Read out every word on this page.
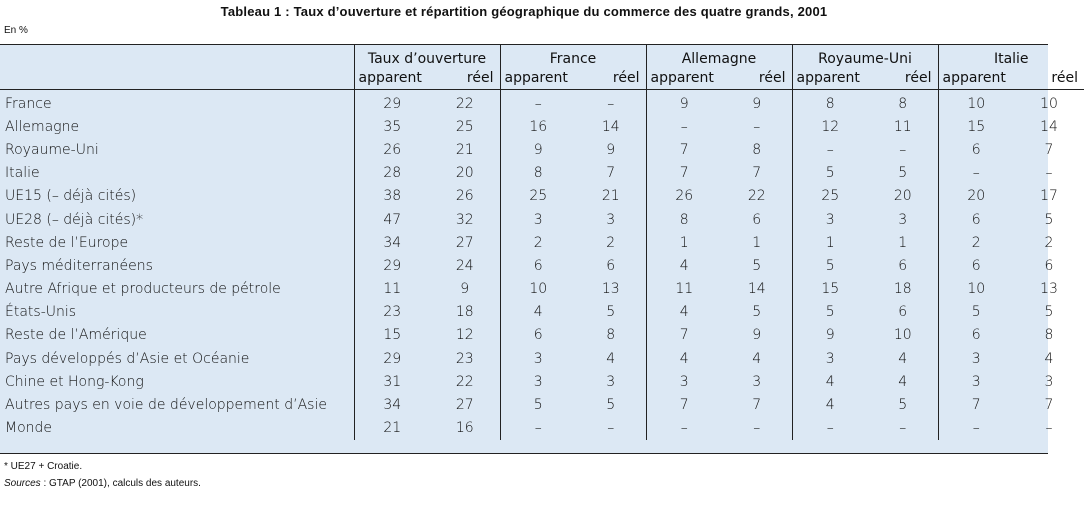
Tableau 1 : Taux d’ouverture et répartition géographique du commerce des quatre grands, 2001
En %
	Taux d’ouverture		France		Allemagne		Royaume-Uni		Italie	
	apparent	réel	apparent	réel	apparent	réel	apparent	réel	apparent	réel
France	29	22	–	–	9	9	8	8	10	10
Allemagne	35	25	16	14	–	–	12	11	15	14
Royaume-Uni	26	21	9	9	7	8	–	–	6	7
Italie	28	20	8	7	7	7	5	5	–	–
UE15 (– déjà cités)	38	26	25	21	26	22	25	20	20	17
UE28 (– déjà cités)*	47	32	3	3	8	6	3	3	6	5
Reste de l’Europe	34	27	2	2	1	1	1	1	2	2
Pays méditerranéens	29	24	6	6	4	5	5	6	6	6
Autre Afrique et producteurs de pétrole	11	9	10	13	11	14	15	18	10	13
États-Unis	23	18	4	5	4	5	5	6	5	5
Reste de l’Amérique	15	12	6	8	7	9	9	10	6	8
Pays développés d’Asie et Océanie	29	23	3	4	4	4	3	4	3	4
Chine et Hong-Kong	31	22	3	3	3	3	4	4	3	3
Autres pays en voie de développement d’Asie	34	27	5	5	7	7	4	5	7	7
Monde	21	16	–	–	–	–	–	–	–	–
* UE27 + Croatie.
Sources : GTAP (2001), calculs des auteurs.
